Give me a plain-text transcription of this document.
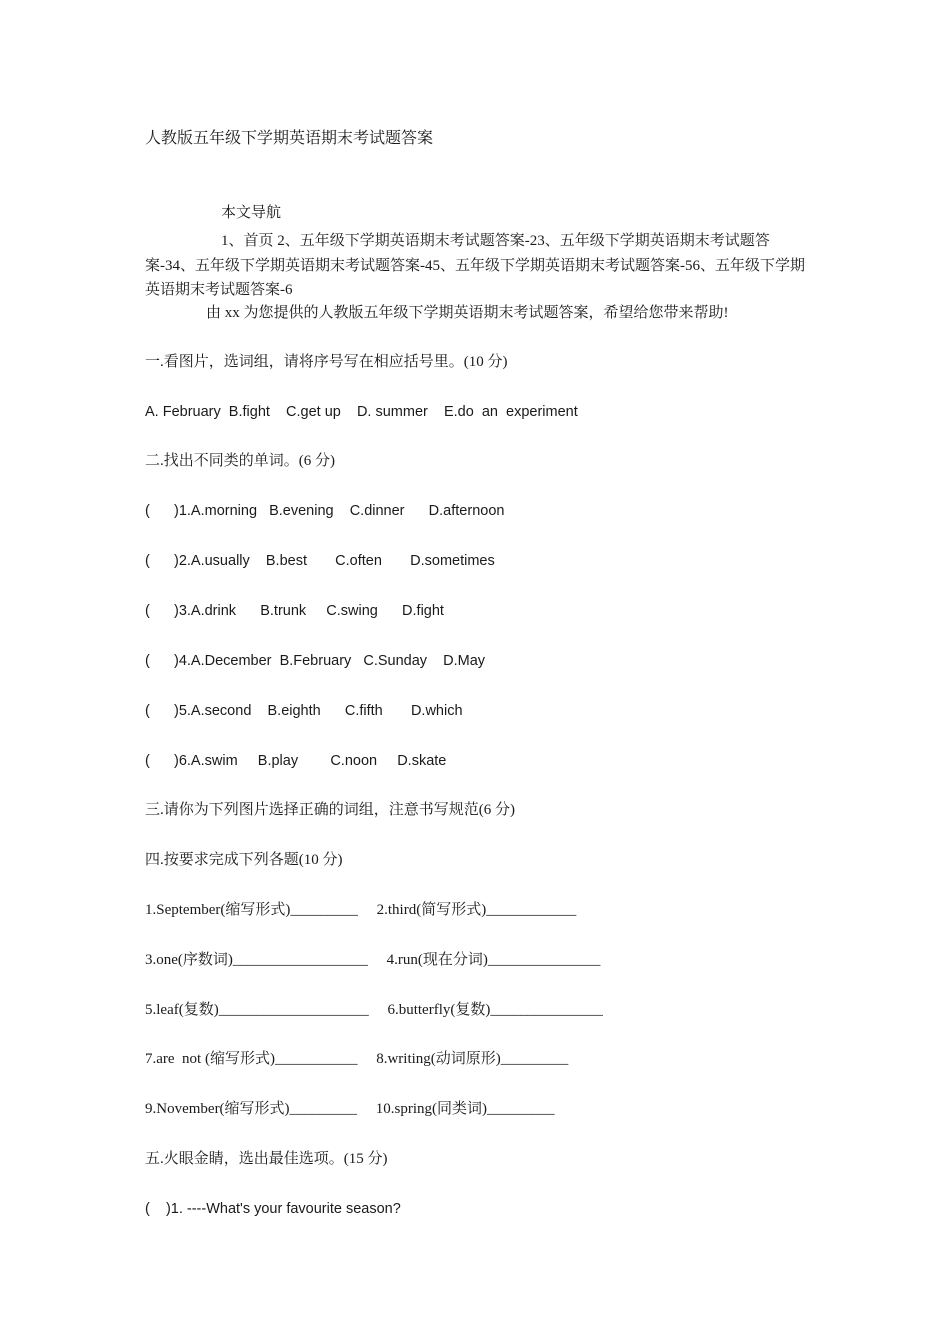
人教版五年级下学期英语期末考试题答案
本文导航
1、首页 2、五年级下学期英语期末考试题答案-23、五年级下学期英语期末考试题答案-34、五年级下学期英语期末考试题答案-45、五年级下学期英语期末考试题答案-56、五年级下学期英语期末考试题答案-6
由 xx 为您提供的人教版五年级下学期英语期末考试题答案，希望给您带来帮助!
一.看图片，选词组，请将序号写在相应括号里。(10 分)
A. February  B.fight    C.get up    D. summer    E.do  an  experiment
二.找出不同类的单词。(6 分)
(      )1.A.morning   B.evening    C.dinner      D.afternoon
(      )2.A.usually    B.best       C.often       D.sometimes
(      )3.A.drink      B.trunk     C.swing      D.fight
(      )4.A.December  B.February   C.Sunday    D.May
(      )5.A.second    B.eighth      C.fifth       D.which
(      )6.A.swim     B.play        C.noon     D.skate
三.请你为下列图片选择正确的词组，注意书写规范(6 分)
四.按要求完成下列各题(10 分)
1.September(缩写形式)_________     2.third(简写形式)____________
3.one(序数词)__________________     4.run(现在分词)_______________
5.leaf(复数)____________________     6.butterfly(复数)_______________
7.are  not (缩写形式)___________     8.writing(动词原形)_________
9.November(缩写形式)_________     10.spring(同类词)_________
五.火眼金睛，选出最佳选项。(15 分)
(    )1. ----What's your favourite season?
